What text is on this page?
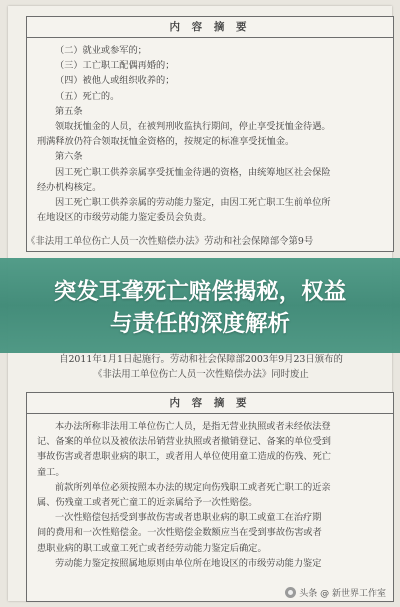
内 容 摘 要

（二）就业或参军的；

（三）工亡职工配偶再婚的；

（四）被他人或组织收养的；

（五）死亡的。

第五条

领取抚恤金的人员，在被判刑收监执行期间，停止享受抚恤金待遇。

刑满释放仍符合领取抚恤金资格的，按规定的标准享受抚恤金。

第六条

因工死亡职工供养亲属享受抚恤金待遇的资格，由统筹地区社会保险

经办机构核定。

因工死亡职工供养亲属的劳动能力鉴定，由因工死亡职工生前单位所

在地设区的市级劳动能力鉴定委员会负责。

内 容 摘 要

本办法所称非法用工单位伤亡人员，是指无营业执照或者未经依法登

记、备案的单位以及被依法吊销营业执照或者撤销登记、备案的单位受到

事故伤害或者患职业病的职工，或者用人单位使用童工造成的伤残、死亡

童工。

前款所列单位必须按照本办法的规定向伤残职工或者死亡职工的近亲

属、伤残童工或者死亡童工的近亲属给予一次性赔偿。

一次性赔偿包括受到事故伤害或者患职业病的职工或童工在治疗期

间的费用和一次性赔偿金。一次性赔偿金数额应当在受到事故伤害或者

患职业病的职工或童工死亡或者经劳动能力鉴定后确定。

劳动能力鉴定按照属地原则由单位所在地设区的市级劳动能力鉴定

《非法用工单位伤亡人员一次性赔偿办法》劳动和社会保障部令第9号
突发耳聋死亡赔偿揭秘，权益
与责任的深度解析
自2011年1月1日起施行。劳动和社会保障部2003年9月23日颁布的
《非法用工单位伤亡人员一次性赔偿办法》同时废止
头条 @ 新世界工作室
